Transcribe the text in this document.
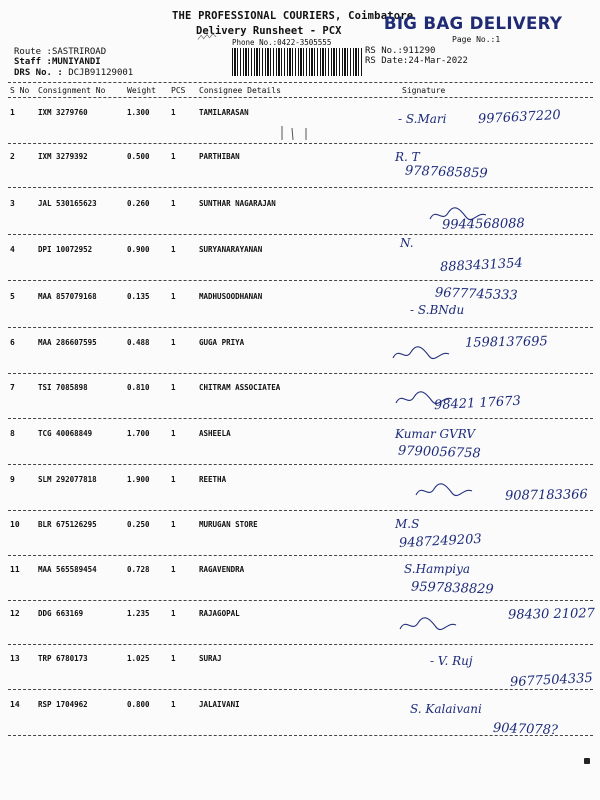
THE PROFESSIONAL COURIERS, Coimbatore
Delivery Runsheet - PCX BIG BAG DELIVERY
Page No.:1
Phone No.:0422-3505555
Route :SASTRIROAD
Staff :MUNIYANDI
DRS No. : DCJB91129001
RS No.:911290
RS Date:24-Mar-2022
S No Consignment No	Weight PCS Consignee Details	Signature
1	IXM 3279760	1.300	1	TAMILARASAN	- S.Mari 9976637220
2	IXM 3279392	0.500	1	PARTHIBAN	R. T
9787685859
3	JAL 530165623	0.260	1	SUNTHAR NAGARAJAN
9944568088
4	DPI 10072952	0.900	1	SURYANARAYANAN	N.
8883431354
5	MAA 857079168	0.135	1	MADHUSOODHANAN
- S.BNdu
9677745333
6	MAA 286607595	0.488	1	GUGA PRIYA	1598137695
7	TSI 7085898	0.810	1	CHITRAM ASSOCIATEA
98421 17673
8	TCG 40068849	1.700	1	ASHEELA	Kumar GVRV
9790056758
9	SLM 292077818	1.900	1	REETHA
9087183366
10 BLR 675126295	0.250	1	MURUGAN STORE	M.S
9487249203
11 MAA 565589454	0.728	1	RAGAVENDRA	S.Hampiya
9597838829
12 DDG 663169	1.235	1	RAJAGOPAL	98430 21027
13 TRP 6780173	1.025	1	SURAJ	- V. Ruj
9677504335
14 RSP 1704962	0.800	1	JALAIVANI	S. Kalaivani
9047078?
